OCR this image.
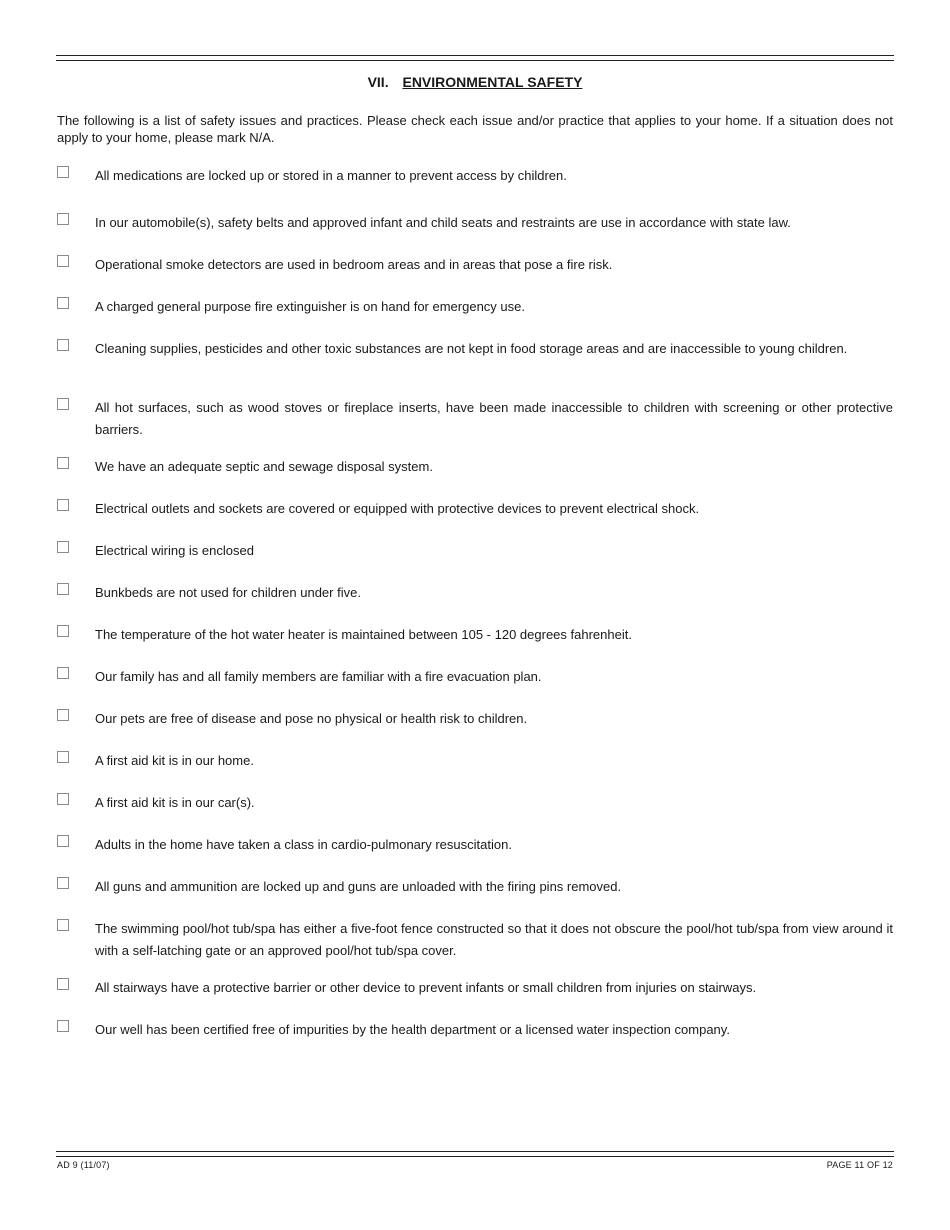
VII. ENVIRONMENTAL SAFETY
The following is a list of safety issues and practices. Please check each issue and/or practice that applies to your home. If a situation does not apply to your home, please mark N/A.
All medications are locked up or stored in a manner to prevent access by children.
In our automobile(s), safety belts and approved infant and child seats and restraints are use in accordance with state law.
Operational smoke detectors are used in bedroom areas and in areas that pose a fire risk.
A charged general purpose fire extinguisher is on hand for emergency use.
Cleaning supplies, pesticides and other toxic substances are not kept in food storage areas and are inaccessible to young children.
All hot surfaces, such as wood stoves or fireplace inserts, have been made inaccessible to children with screening or other protective barriers.
We have an adequate septic and sewage disposal system.
Electrical outlets and sockets are covered or equipped with protective devices to prevent electrical shock.
Electrical wiring is enclosed
Bunkbeds are not used for children under five.
The temperature of the hot water heater is maintained between 105 - 120 degrees fahrenheit.
Our family has and all family members are familiar with a fire evacuation plan.
Our pets are free of disease and pose no physical or health risk to children.
A first aid kit is in our home.
A first aid kit is in our car(s).
Adults in the home have taken a class in cardio-pulmonary resuscitation.
All guns and ammunition are locked up and guns are unloaded with the firing pins removed.
The swimming pool/hot tub/spa has either a five-foot fence constructed so that it does not obscure the pool/hot tub/spa from view around it with a self-latching gate or an approved pool/hot tub/spa cover.
All stairways have a protective barrier or other device to prevent infants or small children from injuries on stairways.
Our well has been certified free of impurities by the health department or a licensed water inspection company.
AD 9 (11/07)	PAGE 11 OF 12
